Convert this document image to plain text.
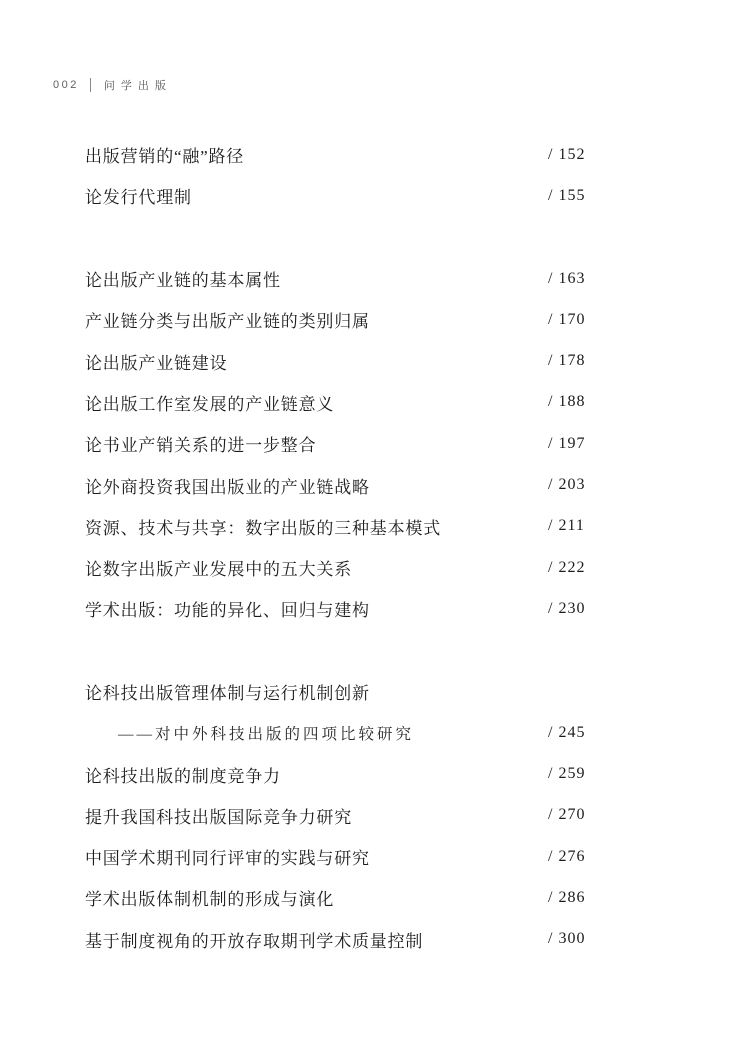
002 问学出版
出版营销的“融”路径	/ 152
论发行代理制	/ 155
论出版产业链的基本属性	/ 163
产业链分类与出版产业链的类别归属	/ 170
论出版产业链建设	/ 178
论出版工作室发展的产业链意义	/ 188
论书业产销关系的进一步整合	/ 197
论外商投资我国出版业的产业链战略	/ 203
资源、技术与共享：数字出版的三种基本模式	/ 211
论数字出版产业发展中的五大关系	/ 222
学术出版：功能的异化、回归与建构	/ 230
论科技出版管理体制与运行机制创新
——对中外科技出版的四项比较研究	/ 245
论科技出版的制度竞争力	/ 259
提升我国科技出版国际竞争力研究	/ 270
中国学术期刊同行评审的实践与研究	/ 276
学术出版体制机制的形成与演化	/ 286
基于制度视角的开放存取期刊学术质量控制	/ 300
